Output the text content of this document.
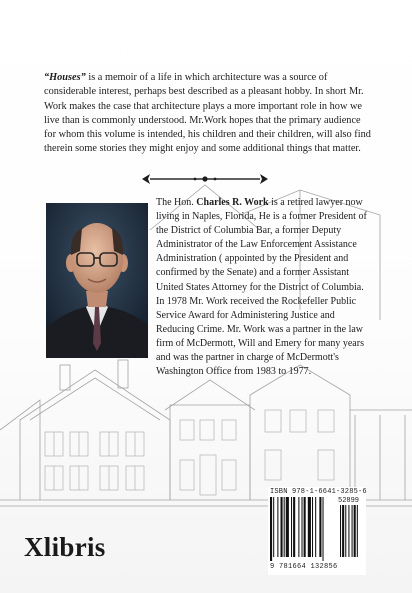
“Houses” is a memoir of a life in which architecture was a source of considerable interest, perhaps best described as a pleasant hobby. In short Mr. Work makes the case that architecture plays a more important role in how we live than is commonly understood. Mr.Work hopes that the primary audience for whom this volume is intended, his children and their children, will also find therein some stories they might enjoy and some additional things that matter.

The Hon. Charles R. Work is a retired lawyer now living in Naples, Florida, He is a former President of the District of Columbia Bar, a former Deputy Administrator of the Law Enforcement Assistance Administration ( appointed by the President and confirmed by the Senate) and a former Assistant United States Attorney for the District of Columbia. In 1978 Mr. Work received the Rockefeller Public Service Award for Administering Justice and Reducing Crime. Mr. Work was a partner in the law firm of McDermott, Will and Emery for many years and was the partner in charge of McDermott's Washington Office from 1983 to 1977.

Xlibris
ISBN 978-1-6641-3285-6
52899
9 781664 132856
